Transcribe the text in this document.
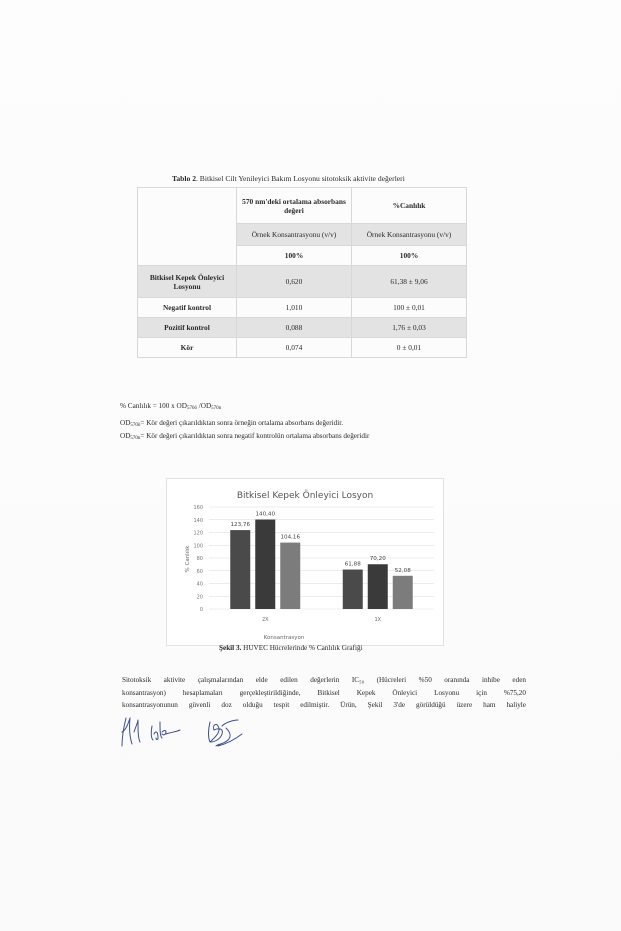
Tablo 2. Bitkisel Cilt Yenileyici Bakım Losyonu sitotoksik aktivite değerleri
	570 nm'deki ortalama absorbans değeri	%Canlılık
	Örnek Konsantrasyonu (v/v)	Örnek Konsantrasyonu (v/v)
	100%	100%
Bitkisel Kepek Önleyici Losyonu	0,620	61,38 ± 9,06
Negatif kontrol	1,010	100 ± 0,01
Pozitif kontrol	0,088	1,76 ± 0,03
Kör	0,074	0 ± 0,01
% Canlılık = 100 x $OD_{570ö}$ $/OD_{570n}$
$OD_{570ö}=$ Kör değeri çıkarıldıktan sonra örneğin ortalama absorbans değeridir.
$OD_{570n}=$ Kör değeri çıkarıldıktan sonra negatif kontrolün ortalama absorbans değeridir
Bitkisel Kepek Önleyici Losyon
0
20
40
60
80
100
120
140
160
123,76
140,40
104,16
2X
61,88
70,20
52,08
1X
Konsantrasyon
% Canlılık
Şekil 3. HUVEC Hücrelerinde % Canlılık Grafiği
Sitotoksik aktivite çalışmalarından elde edilen değerlerin IC₅₀ (Hücreleri %50 oranında inhibe eden
konsantrasyon) hesaplamaları gerçekleştirildiğinde, Bitkisel Kepek Önleyici Losyonu için %75,20
konsantrasyonunun güvenli doz olduğu tespit edilmiştir. Ürün, Şekil 3'de görüldüğü üzere ham haliyle
